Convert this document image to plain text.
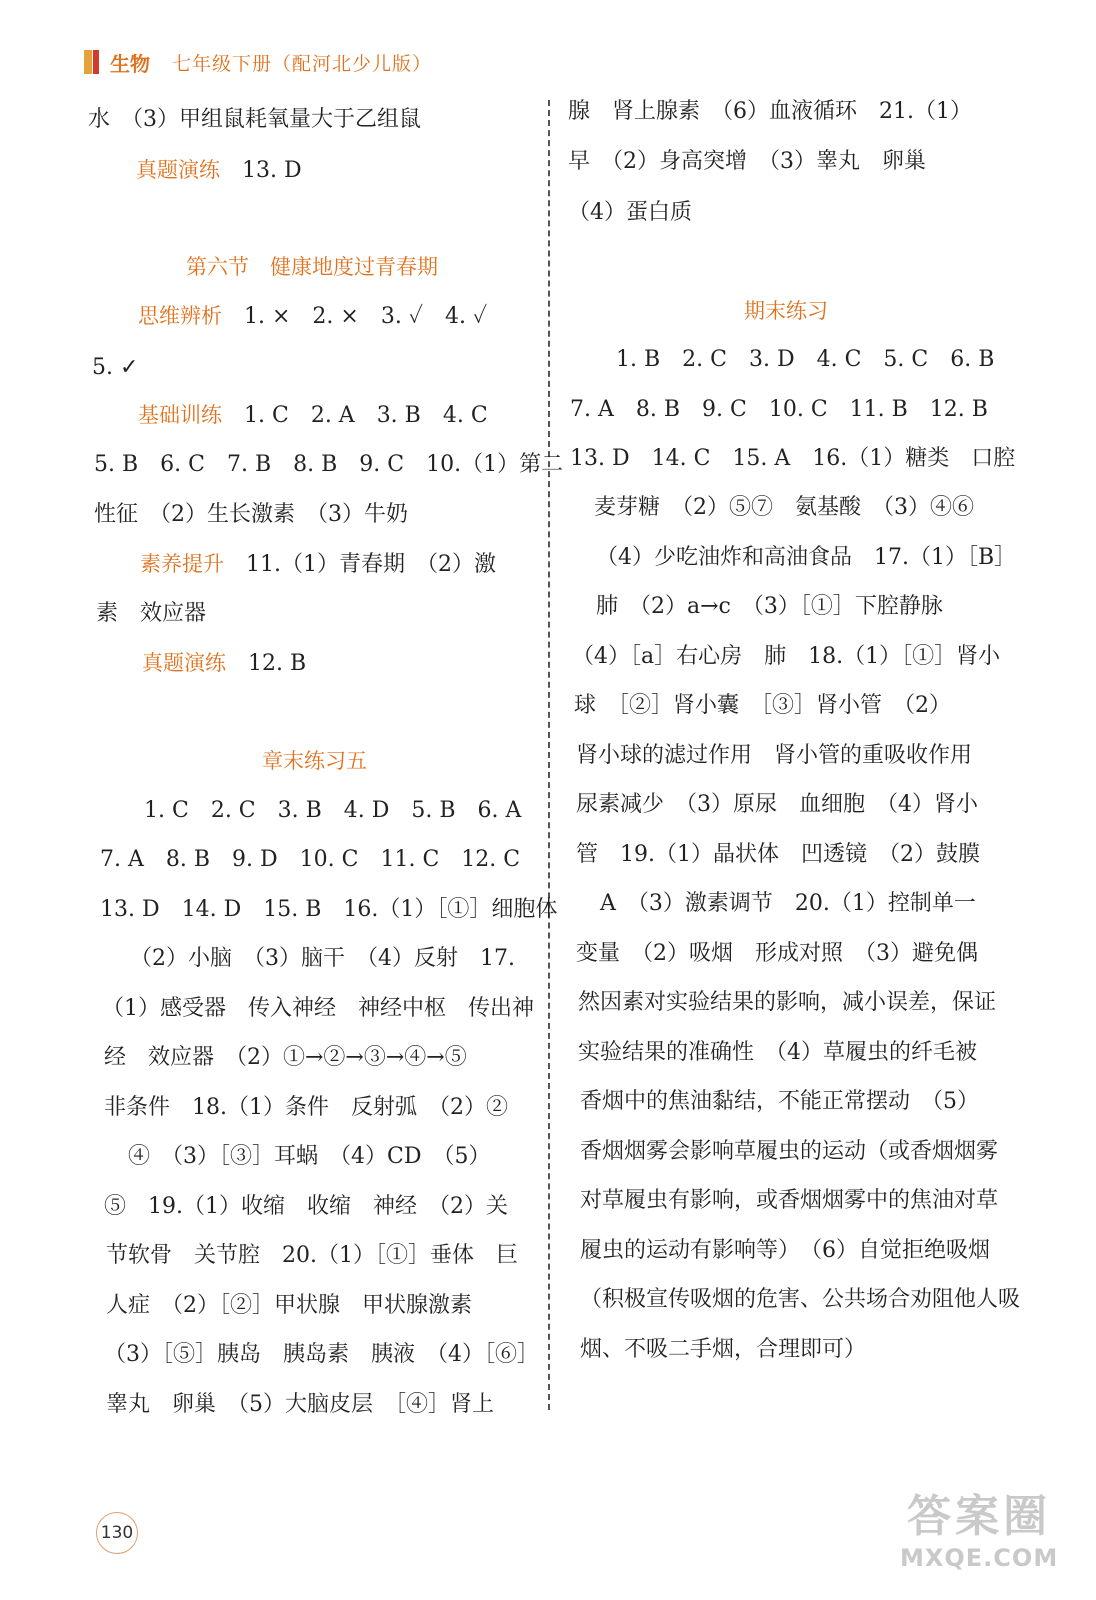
生物 七年级下册（配河北少儿版）
水　（3）甲组鼠耗氧量大于乙组鼠
真题演练　13. D
第六节　健康地度过青春期
思维辨析　1. ×　2. ×　3. ✓　4. ✓
5. ✓
基础训练　1. C　2. A　3. B　4. C
5. B　6. C　7. B　8. B　9. C　10.（1）第二
性征　（2）生长激素　（3）牛奶
素养提升　11.（1）青春期　（2）激
素　效应器
真题演练　12. B
章末练习五
1. C　2. C　3. B　4. D　5. B　6. A
7. A　8. B　9. D　10. C　11. C　12. C
13. D　14. D　15. B　16.（1）［①］细胞体
（2）小脑　（3）脑干　（4）反射　17.
（1）感受器　传入神经　神经中枢　传出神
经　效应器　（2）①→②→③→④→⑤
非条件　18.（1）条件　反射弧　（2）②
④　（3）［③］耳蜗　（4）CD　（5）
⑤　19.（1）收缩　收缩　神经　（2）关
节软骨　关节腔　20.（1）［①］垂体　巨
人症　（2）［②］甲状腺　甲状腺激素
（3）［⑤］胰岛　胰岛素　胰液　（4）［⑥］
睾丸　卵巢　（5）大脑皮层　［④］肾上
腺　肾上腺素　（6）血液循环　21.（1）
早　（2）身高突增　（3）睾丸　卵巢
（4）蛋白质
期末练习
1. B　2. C　3. D　4. C　5. C　6. B
7. A　8. B　9. C　10. C　11. B　12. B
13. D　14. C　15. A　16.（1）糖类　口腔
麦芽糖　（2）⑤⑦　氨基酸　（3）④⑥
（4）少吃油炸和高油食品　17.（1）［B］
肺　（2）a→c　（3）［①］下腔静脉
（4）［a］右心房　肺　18.（1）［①］肾小
球　［②］肾小囊　［③］肾小管　（2）
肾小球的滤过作用　肾小管的重吸收作用
尿素减少　（3）原尿　血细胞　（4）肾小
管　19.（1）晶状体　凹透镜　（2）鼓膜
A　（3）激素调节　20.（1）控制单一
变量　（2）吸烟　形成对照　（3）避免偶
然因素对实验结果的影响，减小误差，保证
实验结果的准确性　（4）草履虫的纤毛被
香烟中的焦油黏结，不能正常摆动　（5）
香烟烟雾会影响草履虫的运动（或香烟烟雾
对草履虫有影响，或香烟烟雾中的焦油对草
履虫的运动有影响等）　（6）自觉拒绝吸烟
（积极宣传吸烟的危害、公共场合劝阻他人吸
烟、不吸二手烟，合理即可）
130	答案圈
MXQE.COM
